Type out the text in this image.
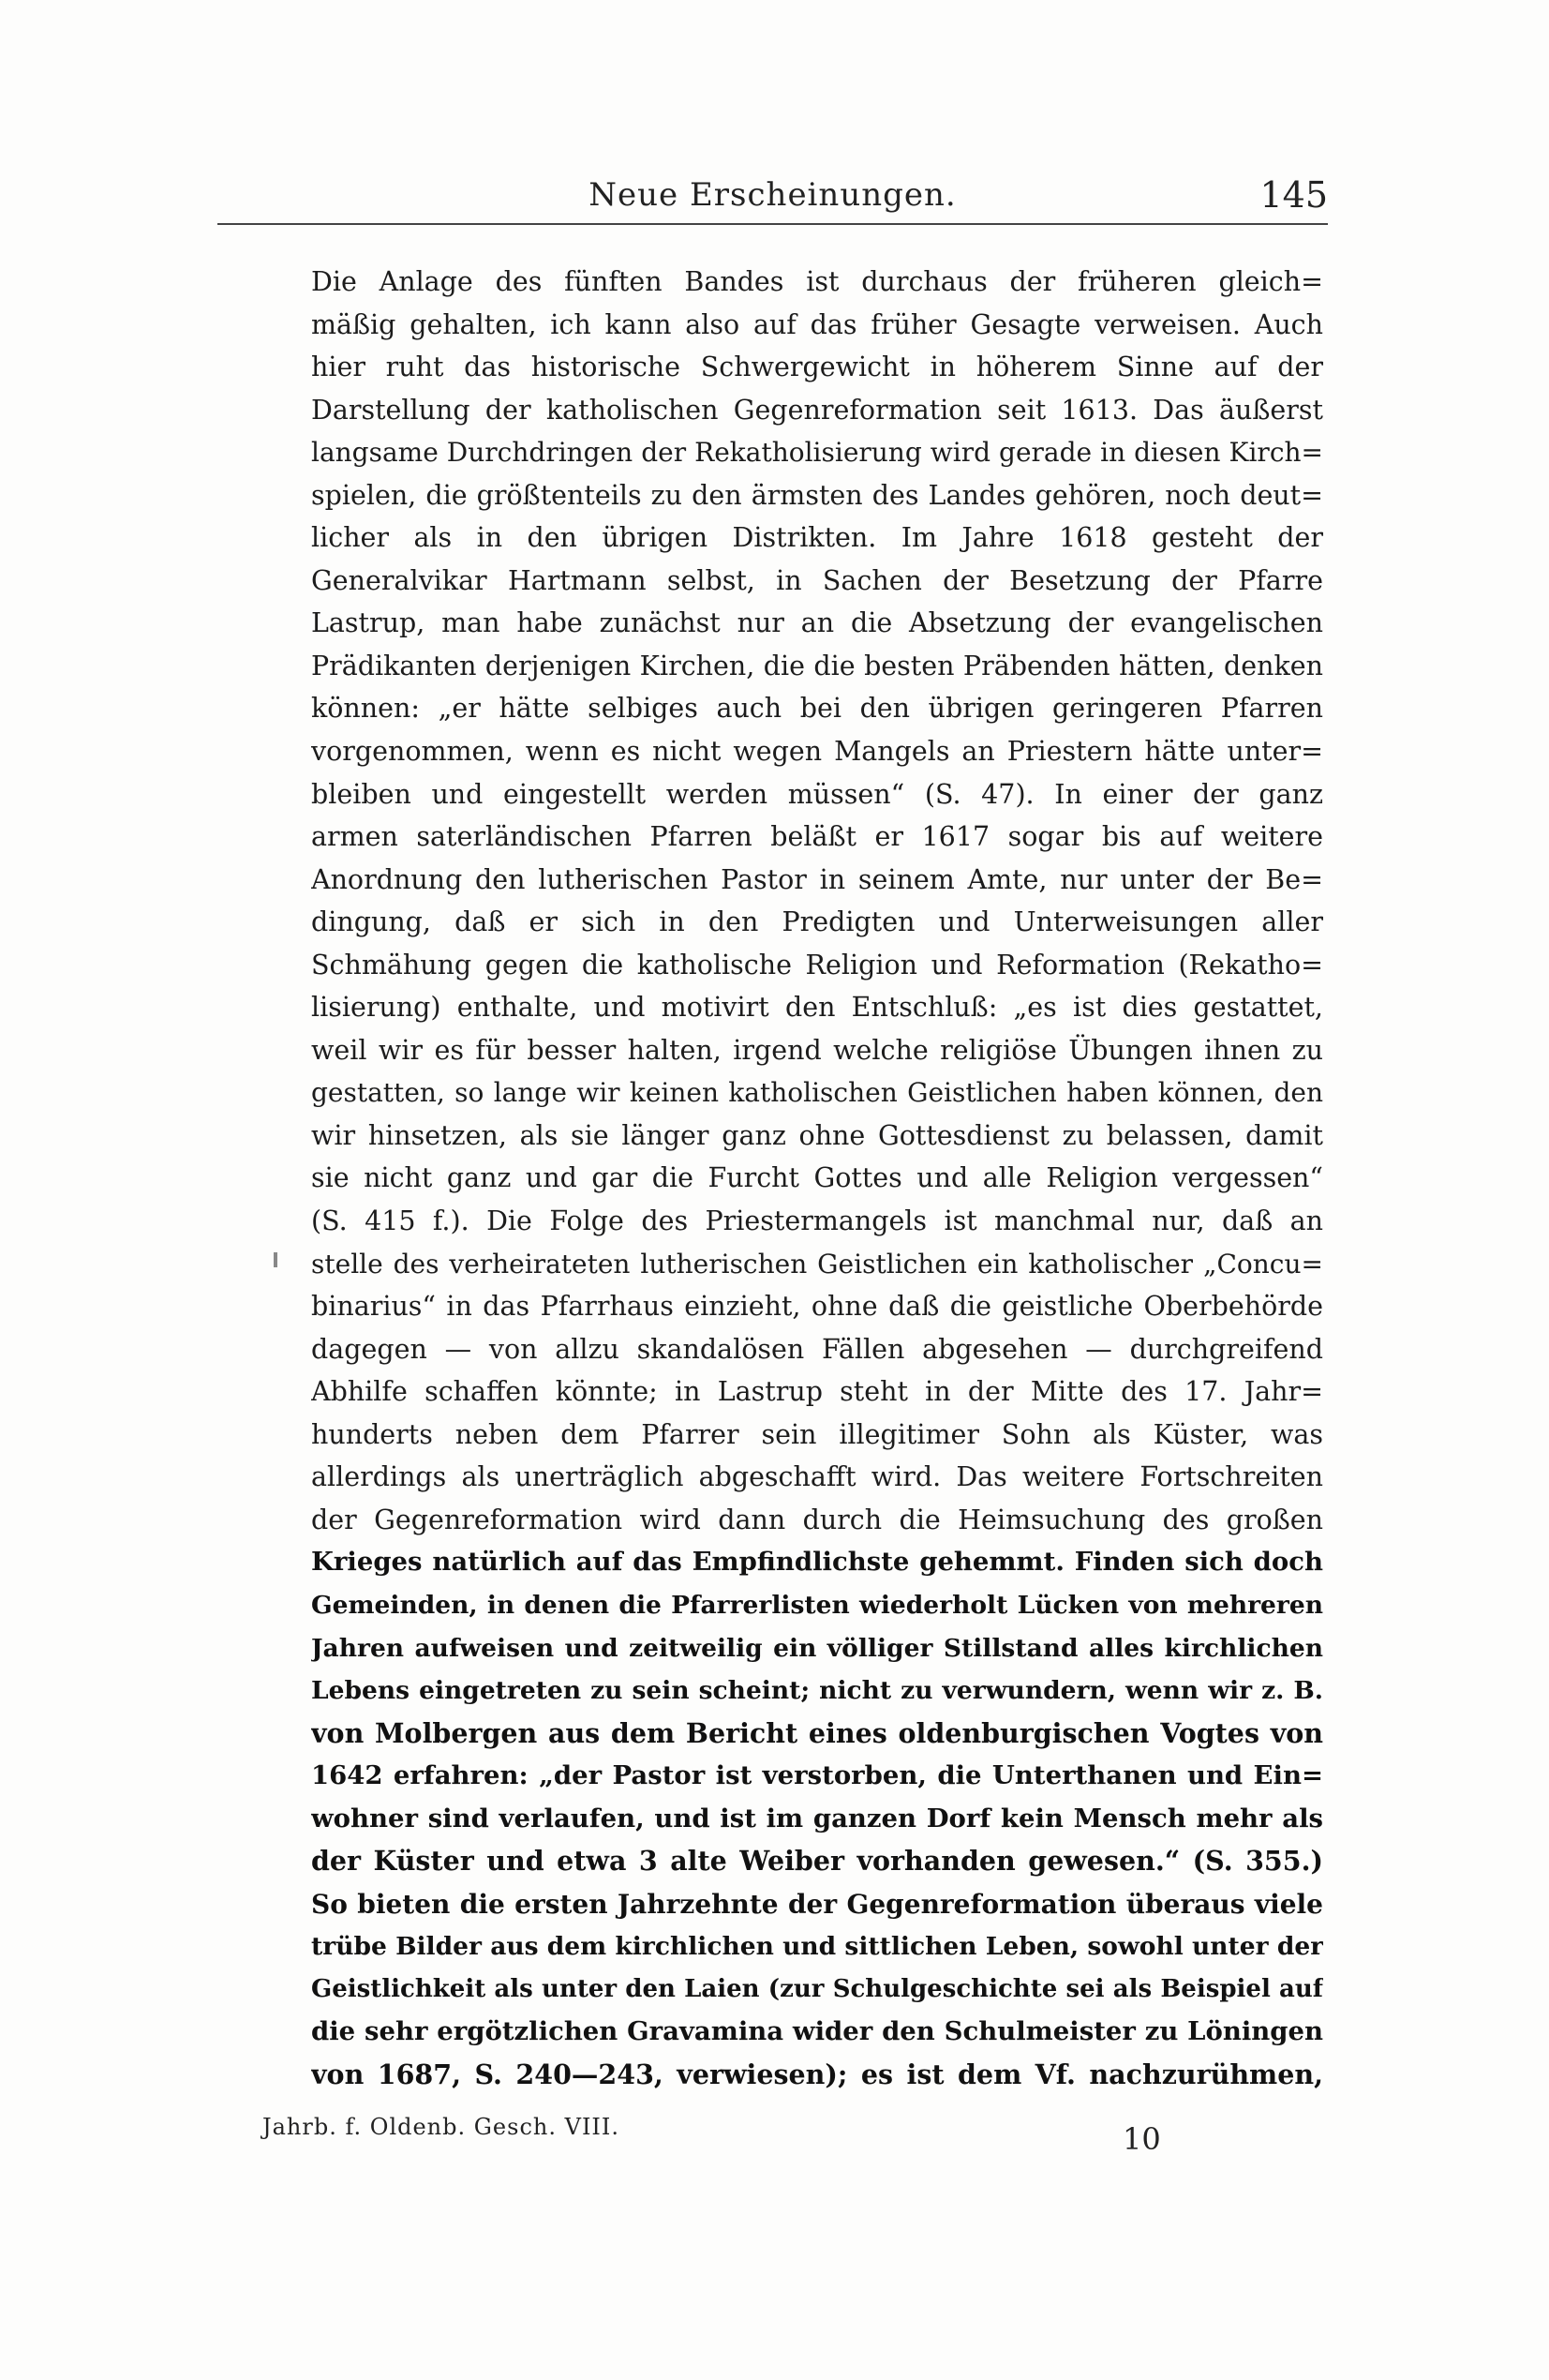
Neue Erscheinungen.	145
Die Anlage des fünften Bandes ist durchaus der früheren gleich=
mäßig gehalten, ich kann also auf das früher Gesagte verweisen. Auch
hier ruht das historische Schwergewicht in höherem Sinne auf der
Darstellung der katholischen Gegenreformation seit 1613. Das äußerst
langsame Durchdringen der Rekatholisierung wird gerade in diesen Kirch=
spielen, die größtenteils zu den ärmsten des Landes gehören, noch deut=
licher als in den übrigen Distrikten. Im Jahre 1618 gesteht der
Generalvikar Hartmann selbst, in Sachen der Besetzung der Pfarre
Lastrup, man habe zunächst nur an die Absetzung der evangelischen
Prädikanten derjenigen Kirchen, die die besten Präbenden hätten, denken
können: „er hätte selbiges auch bei den übrigen geringeren Pfarren
vorgenommen, wenn es nicht wegen Mangels an Priestern hätte unter=
bleiben und eingestellt werden müssen“ (S. 47). In einer der ganz
armen saterländischen Pfarren beläßt er 1617 sogar bis auf weitere
Anordnung den lutherischen Pastor in seinem Amte, nur unter der Be=
dingung, daß er sich in den Predigten und Unterweisungen aller
Schmähung gegen die katholische Religion und Reformation (Rekatho=
lisierung) enthalte, und motivirt den Entschluß: „es ist dies gestattet,
weil wir es für besser halten, irgend welche religiöse Übungen ihnen zu
gestatten, so lange wir keinen katholischen Geistlichen haben können, den
wir hinsetzen, als sie länger ganz ohne Gottesdienst zu belassen, damit
sie nicht ganz und gar die Furcht Gottes und alle Religion vergessen“
(S. 415 f.). Die Folge des Priestermangels ist manchmal nur, daß an
stelle des verheirateten lutherischen Geistlichen ein katholischer „Concu=
binarius“ in das Pfarrhaus einzieht, ohne daß die geistliche Oberbehörde
dagegen — von allzu skandalösen Fällen abgesehen — durchgreifend
Abhilfe schaffen könnte; in Lastrup steht in der Mitte des 17. Jahr=
hunderts neben dem Pfarrer sein illegitimer Sohn als Küster, was
allerdings als unerträglich abgeschafft wird. Das weitere Fortschreiten
der Gegenreformation wird dann durch die Heimsuchung des großen
Krieges natürlich auf das Empfindlichste gehemmt. Finden sich doch
Gemeinden, in denen die Pfarrerlisten wiederholt Lücken von mehreren
Jahren aufweisen und zeitweilig ein völliger Stillstand alles kirchlichen
Lebens eingetreten zu sein scheint; nicht zu verwundern, wenn wir z. B.
von Molbergen aus dem Bericht eines oldenburgischen Vogtes von
1642 erfahren: „der Pastor ist verstorben, die Unterthanen und Ein=
wohner sind verlaufen, und ist im ganzen Dorf kein Mensch mehr als
der Küster und etwa 3 alte Weiber vorhanden gewesen.“ (S. 355.)
So bieten die ersten Jahrzehnte der Gegenreformation überaus viele
trübe Bilder aus dem kirchlichen und sittlichen Leben, sowohl unter der
Geistlichkeit als unter den Laien (zur Schulgeschichte sei als Beispiel auf
die sehr ergötzlichen Gravamina wider den Schulmeister zu Löningen
von 1687, S. 240—243, verwiesen); es ist dem Vf. nachzurühmen,
Jahrb. f. Oldenb. Gesch. VIII.	10
